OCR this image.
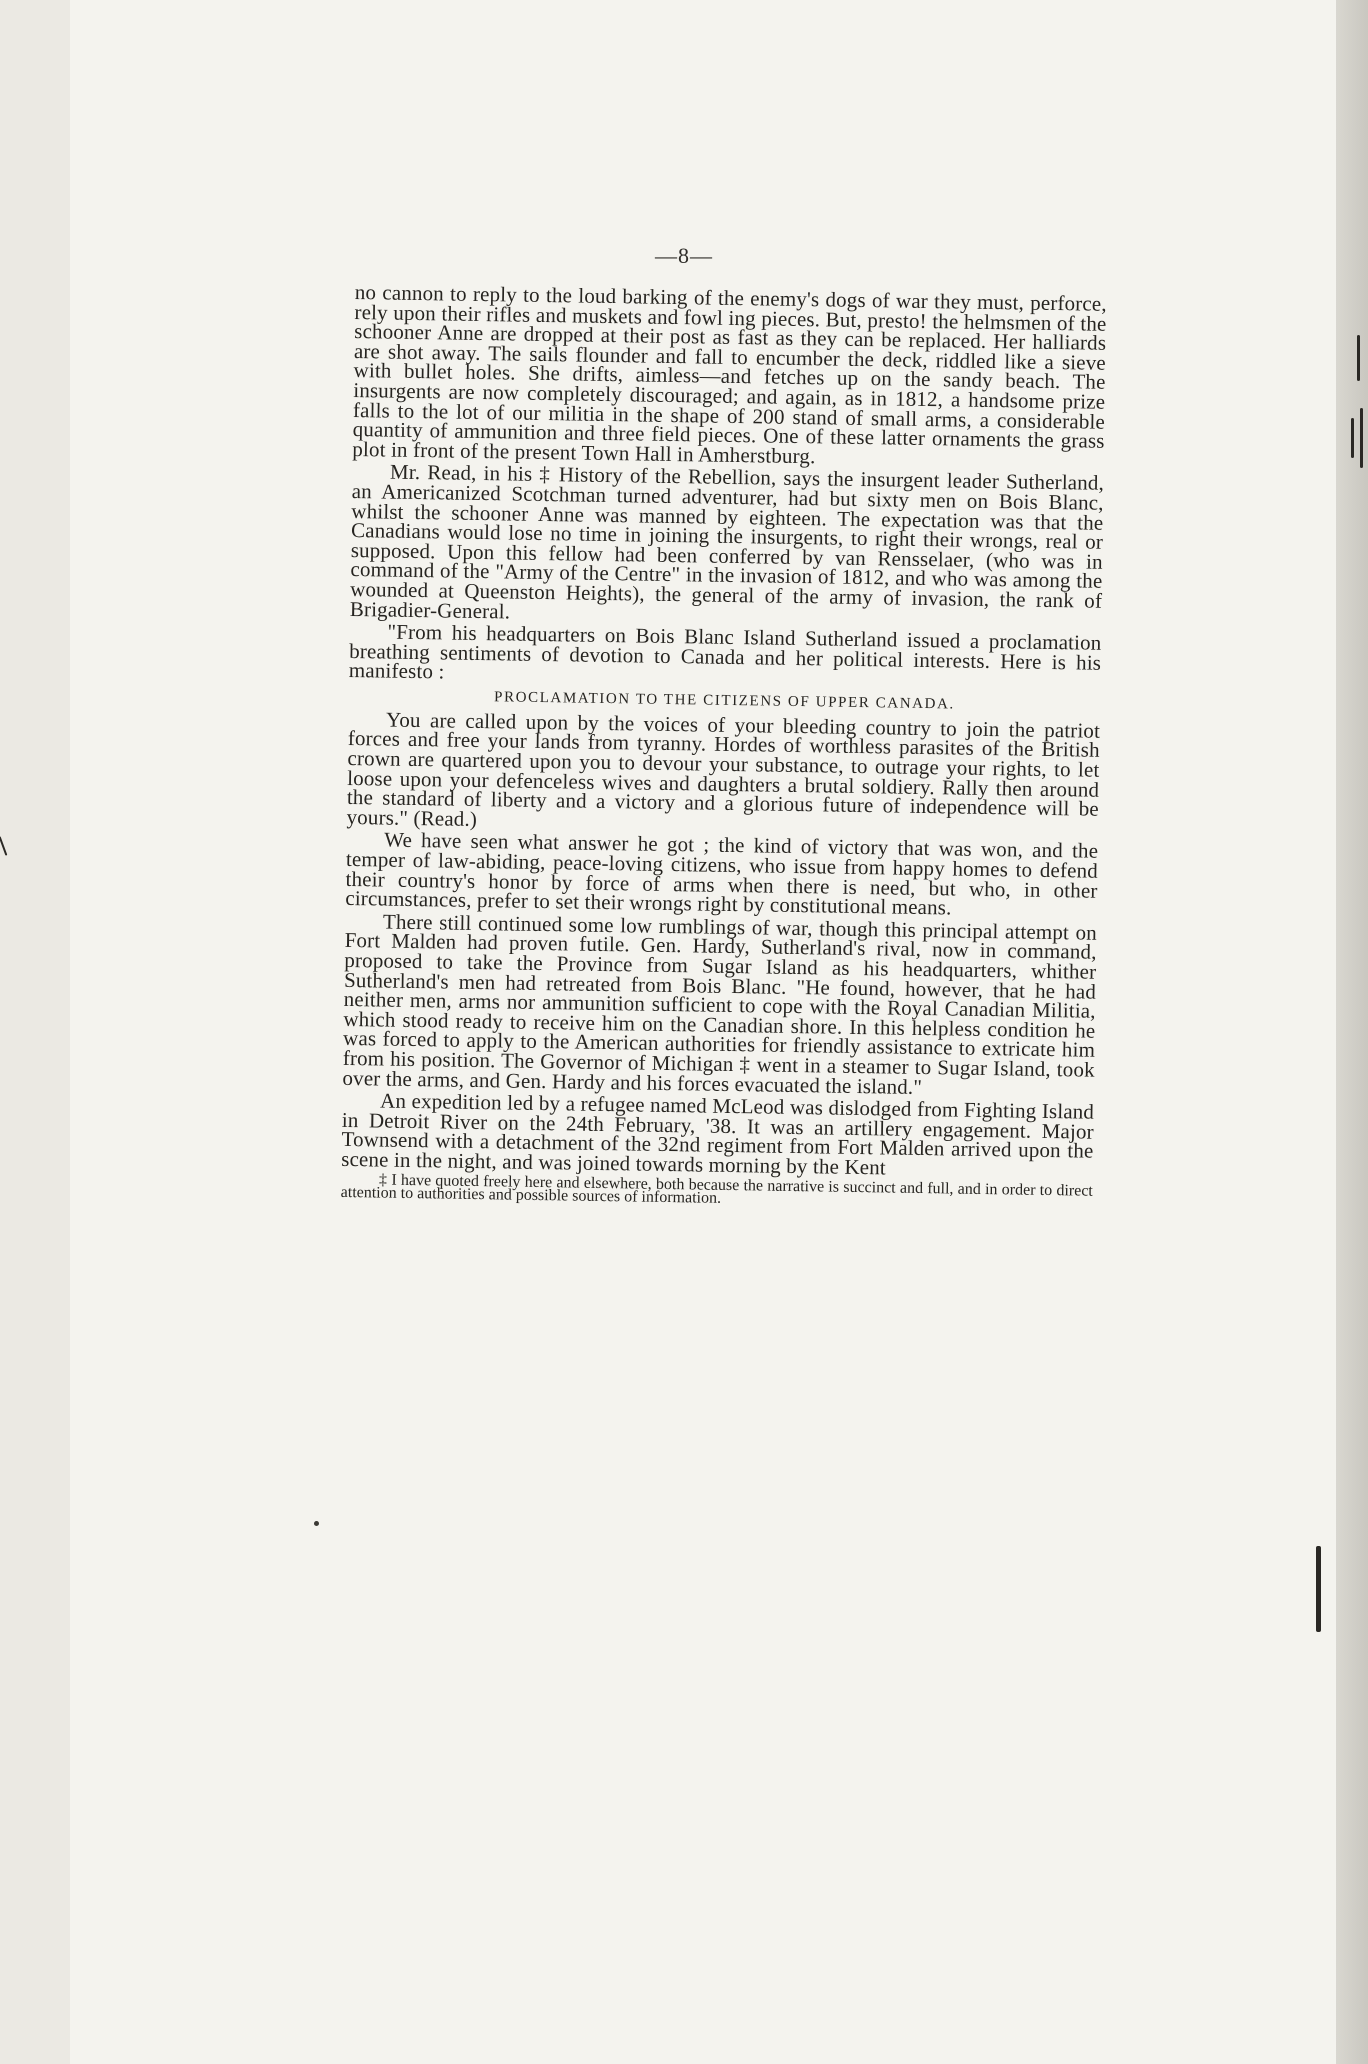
—8—

no cannon to reply to the loud barking of the enemy's dogs of war they must, perforce, rely upon their rifles and muskets and fowl ing pieces. But, presto! the helmsmen of the schooner Anne are dropped at their post as fast as they can be replaced. Her halliards are shot away. The sails flounder and fall to encumber the deck, riddled like a sieve with bullet holes. She drifts, aimless—and fetches up on the sandy beach. The insurgents are now completely discouraged; and again, as in 1812, a handsome prize falls to the lot of our militia in the shape of 200 stand of small arms, a considerable quantity of ammunition and three field pieces. One of these latter ornaments the grass plot in front of the present Town Hall in Amherstburg.

Mr. Read, in his ‡ History of the Rebellion, says the insurgent leader Sutherland, an Americanized Scotchman turned adventurer, had but sixty men on Bois Blanc, whilst the schooner Anne was manned by eighteen. The expectation was that the Canadians would lose no time in joining the insurgents, to right their wrongs, real or supposed. Upon this fellow had been conferred by van Rensselaer, (who was in command of the "Army of the Centre" in the invasion of 1812, and who was among the wounded at Queenston Heights), the general of the army of invasion, the rank of Brigadier-General.

"From his headquarters on Bois Blanc Island Sutherland issued a proclamation breathing sentiments of devotion to Canada and her political interests. Here is his manifesto :

PROCLAMATION TO THE CITIZENS OF UPPER CANADA.

You are called upon by the voices of your bleeding country to join the patriot forces and free your lands from tyranny. Hordes of worthless parasites of the British crown are quartered upon you to devour your substance, to outrage your rights, to let loose upon your defenceless wives and daughters a brutal soldiery. Rally then around the standard of liberty and a victory and a glorious future of independence will be yours." (Read.)

We have seen what answer he got ; the kind of victory that was won, and the temper of law-abiding, peace-loving citizens, who issue from happy homes to defend their country's honor by force of arms when there is need, but who, in other circumstances, prefer to set their wrongs right by constitutional means.

There still continued some low rumblings of war, though this principal attempt on Fort Malden had proven futile. Gen. Hardy, Sutherland's rival, now in command, proposed to take the Province from Sugar Island as his headquarters, whither Sutherland's men had retreated from Bois Blanc. "He found, however, that he had neither men, arms nor ammunition sufficient to cope with the Royal Canadian Militia, which stood ready to receive him on the Canadian shore. In this helpless condition he was forced to apply to the American authorities for friendly assistance to extricate him from his position. The Governor of Michigan ‡ went in a steamer to Sugar Island, took over the arms, and Gen. Hardy and his forces evacuated the island."

An expedition led by a refugee named McLeod was dislodged from Fighting Island in Detroit River on the 24th February, '38. It was an artillery engagement. Major Townsend with a detachment of the 32nd regiment from Fort Malden arrived upon the scene in the night, and was joined towards morning by the Kent

‡ I have quoted freely here and elsewhere, both because the narrative is succinct and full, and in order to direct attention to authorities and possible sources of information.
